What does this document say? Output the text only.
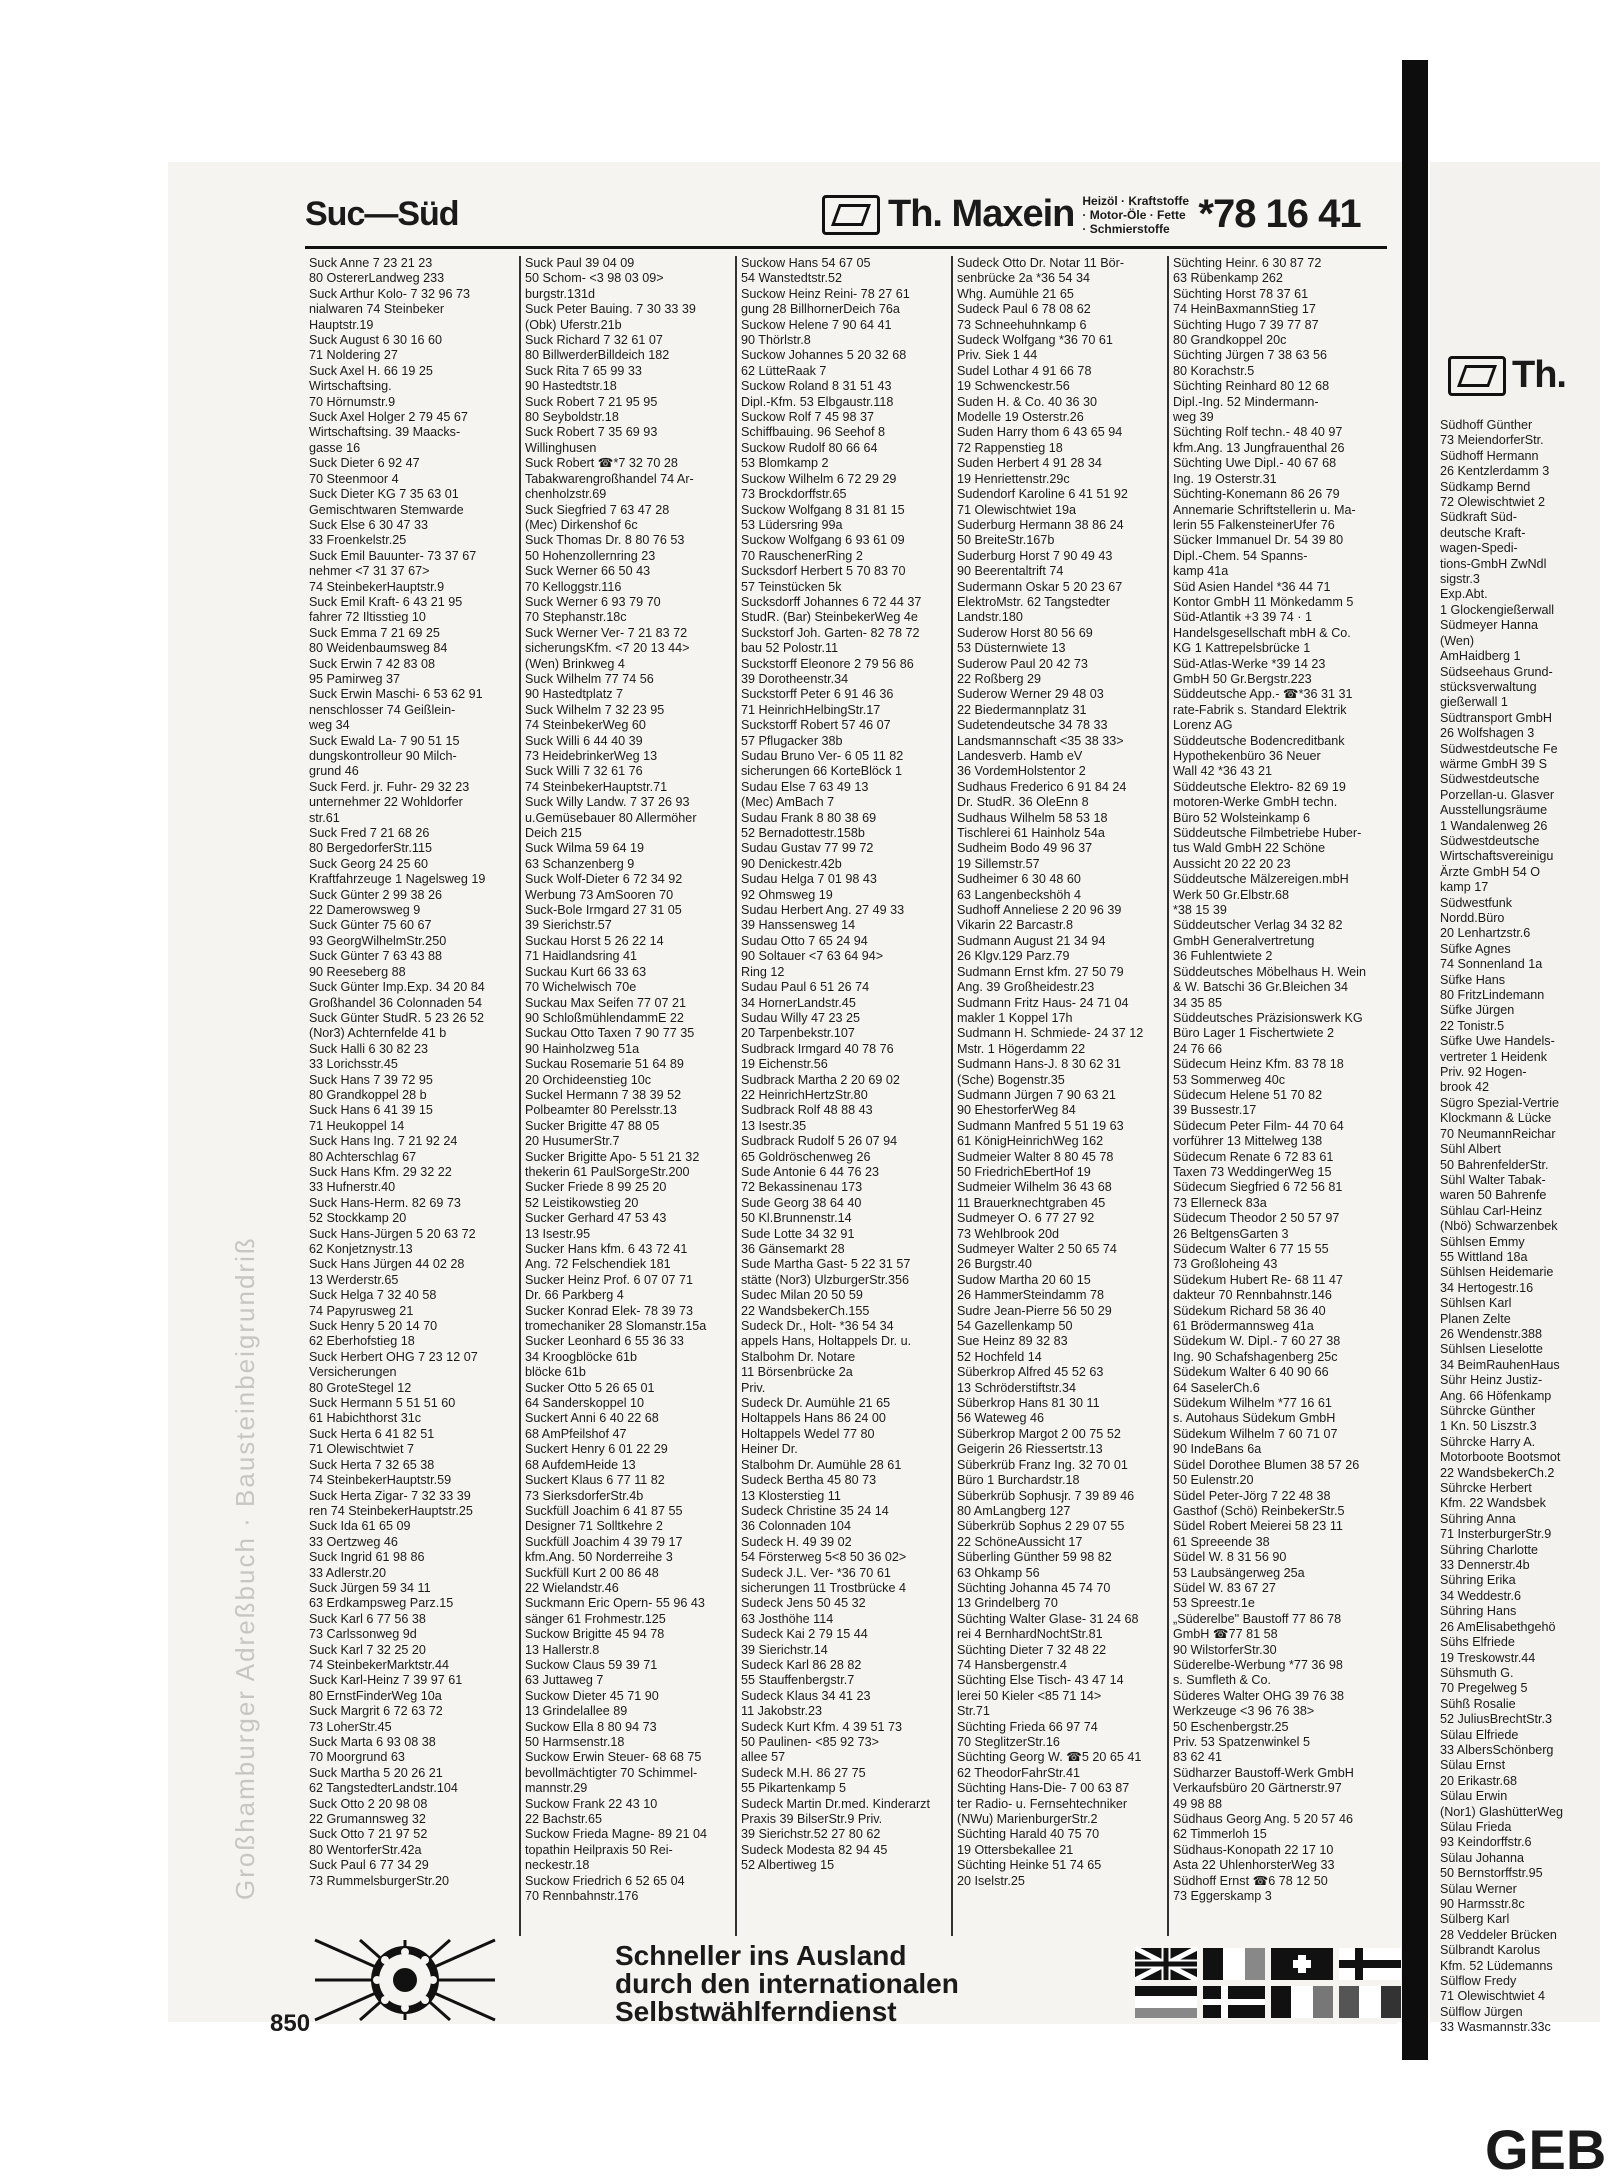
Großhamburger Adreßbuch · Bausteinbeigrundriß
Suc—Süd	Th. Maxein Heizöl · Kraftstoffe · Motor-Öle · Fette · Schmierstoffe *78 16 41
Suck Anne 7 23 21 23
80 OstererLandweg 233
Suck Arthur Kolo- 7 32 96 73
nialwaren 74 Steinbeker
Hauptstr.19
Suck August 6 30 16 60
71 Noldering 27
Suck Axel H. 66 19 25
Wirtschaftsing.
70 Hörnumstr.9
Suck Axel Holger 2 79 45 67
Wirtschaftsing. 39 Maacks-
gasse 16
Suck Dieter 6 92 47
70 Steenmoor 4
Suck Dieter KG 7 35 63 01
Gemischtwaren Stemwarde
Suck Else 6 30 47 33
33 Froenkelstr.25
Suck Emil Bauunter- 73 37 67
nehmer <7 31 37 67>
74 SteinbekerHauptstr.9
Suck Emil Kraft- 6 43 21 95
fahrer 72 Iltisstieg 10
Suck Emma 7 21 69 25
80 Weidenbaumsweg 84
Suck Erwin 7 42 83 08
95 Pamirweg 37
Suck Erwin Maschi- 6 53 62 91
nenschlosser 74 Geißlein-
weg 34
Suck Ewald La- 7 90 51 15
dungskontrolleur 90 Milch-
grund 46
Suck Ferd. jr. Fuhr- 29 32 23
unternehmer 22 Wohldorfer
str.61
Suck Fred 7 21 68 26
80 BergedorferStr.115
Suck Georg 24 25 60
Kraftfahrzeuge 1 Nagelsweg 19
Suck Günter 2 99 38 26
22 Damerowsweg 9
Suck Günter 75 60 67
93 GeorgWilhelmStr.250
Suck Günter 7 63 43 88
90 Reeseberg 88
Suck Günter Imp.Exp. 34 20 84
Großhandel 36 Colonnaden 54
Suck Günter StudR. 5 23 26 52
(Nor3) Achternfelde 41 b
Suck Halli 6 30 82 23
33 Lorichsstr.45
Suck Hans 7 39 72 95
80 Grandkoppel 28 b
Suck Hans 6 41 39 15
71 Heukoppel 14
Suck Hans Ing. 7 21 92 24
80 Achterschlag 67
Suck Hans Kfm. 29 32 22
33 Hufnerstr.40
Suck Hans-Herm. 82 69 73
52 Stockkamp 20
Suck Hans-Jürgen 5 20 63 72
62 Konjetznystr.13
Suck Hans Jürgen 44 02 28
13 Werderstr.65
Suck Helga 7 32 40 58
74 Papyrusweg 21
Suck Henry 5 20 14 70
62 Eberhofstieg 18
Suck Herbert OHG 7 23 12 07
Versicherungen
80 GroteStegel 12
Suck Hermann 5 51 51 60
61 Habichthorst 31c
Suck Herta 6 41 82 51
71 Olewischtwiet 7
Suck Herta 7 32 65 38
74 SteinbekerHauptstr.59
Suck Herta Zigar- 7 32 33 39
ren 74 SteinbekerHauptstr.25
Suck Ida 61 65 09
33 Oertzweg 46
Suck Ingrid 61 98 86
33 Adlerstr.20
Suck Jürgen 59 34 11
63 Erdkampsweg Parz.15
Suck Karl 6 77 56 38
73 Carlssonweg 9d
Suck Karl 7 32 25 20
74 SteinbekerMarktstr.44
Suck Karl-Heinz 7 39 97 61
80 ErnstFinderWeg 10a
Suck Margrit 6 72 63 72
73 LoherStr.45
Suck Marta 6 93 08 38
70 Moorgrund 63
Suck Martha 5 20 26 21
62 TangstedterLandstr.104
Suck Otto 2 20 98 08
22 Grumannsweg 32
Suck Otto 7 21 97 52
80 WentorferStr.42a
Suck Paul 6 77 34 29
73 RummelsburgerStr.20
Suck Paul 39 04 09
50 Schom- <3 98 03 09>
burgstr.131d
Suck Peter Bauing. 7 30 33 39
(Obk) Uferstr.21b
Suck Richard 7 32 61 07
80 BillwerderBilldeich 182
Suck Rita 7 65 99 33
90 Hastedtstr.18
Suck Robert 7 21 95 95
80 Seyboldstr.18
Suck Robert 7 35 69 93
Willinghusen
Suck Robert ☎*7 32 70 28
Tabakwarengroßhandel 74 Ar-
chenholzstr.69
Suck Siegfried 7 63 47 28
(Mec) Dirkenshof 6c
Suck Thomas Dr. 8 80 76 53
50 Hohenzollernring 23
Suck Werner 66 50 43
70 Kelloggstr.116
Suck Werner 6 93 79 70
70 Stephanstr.18c
Suck Werner Ver- 7 21 83 72
sicherungsKfm. <7 20 13 44>
(Wen) Brinkweg 4
Suck Wilhelm 77 74 56
90 Hastedtplatz 7
Suck Wilhelm 7 32 23 95
74 SteinbekerWeg 60
Suck Willi 6 44 40 39
73 HeidebrinkerWeg 13
Suck Willi 7 32 61 76
74 SteinbekerHauptstr.71
Suck Willy Landw. 7 37 26 93
u.Gemüsebauer 80 Allermöher
Deich 215
Suck Wilma 59 64 19
63 Schanzenberg 9
Suck Wolf-Dieter 6 72 34 92
Werbung 73 AmSooren 70
Suck-Bole Irmgard 27 31 05
39 Sierichstr.57
Suckau Horst 5 26 22 14
71 Haidlandsring 41
Suckau Kurt 66 33 63
70 Wichelwisch 70e
Suckau Max Seifen 77 07 21
90 SchloßmühlendammE 22
Suckau Otto Taxen 7 90 77 35
90 Hainholzweg 51a
Suckau Rosemarie 51 64 89
20 Orchideenstieg 10c
Suckel Hermann 7 38 39 52
Polbeamter 80 Perelsstr.13
Sucker Brigitte 47 88 05
20 HusumerStr.7
Sucker Brigitte Apo- 5 51 21 32
thekerin 61 PaulSorgeStr.200
Sucker Friede 8 99 25 20
52 Leistikowstieg 20
Sucker Gerhard 47 53 43
13 Isestr.95
Sucker Hans kfm. 6 43 72 41
Ang. 72 Felschendiek 181
Sucker Heinz Prof. 6 07 07 71
Dr. 66 Parkberg 4
Sucker Konrad Elek- 78 39 73
tromechaniker 28 Slomanstr.15a
Sucker Leonhard 6 55 36 33
34 Kroogblöcke 61b
blöcke 61b
Sucker Otto 5 26 65 01
64 Sanderskoppel 10
Suckert Anni 6 40 22 68
68 AmPfeilshof 47
Suckert Henry 6 01 22 29
68 AufdemHeide 13
Suckert Klaus 6 77 11 82
73 SierksdorferStr.4b
Suckfüll Joachim 6 41 87 55
Designer 71 Solltkehre 2
Suckfüll Joachim 4 39 79 17
kfm.Ang. 50 Norderreihe 3
Suckfüll Kurt 2 00 86 48
22 Wielandstr.46
Suckmann Eric Opern- 55 96 43
sänger 61 Frohmestr.125
Suckow Brigitte 45 94 78
13 Hallerstr.8
Suckow Claus 59 39 71
63 Juttaweg 7
Suckow Dieter 45 71 90
13 Grindelallee 89
Suckow Ella 8 80 94 73
50 Harmsenstr.18
Suckow Erwin Steuer- 68 68 75
bevollmächtigter 70 Schimmel-
mannstr.29
Suckow Frank 22 43 10
22 Bachstr.65
Suckow Frieda Magne- 89 21 04
topathin Heilpraxis 50 Rei-
neckestr.18
Suckow Friedrich 6 52 65 04
70 Rennbahnstr.176
Suckow Hans 54 67 05
54 Wanstedtstr.52
Suckow Heinz Reini- 78 27 61
gung 28 BillhornerDeich 76a
Suckow Helene 7 90 64 41
90 Thörlstr.8
Suckow Johannes 5 20 32 68
62 LütteRaak 7
Suckow Roland 8 31 51 43
Dipl.-Kfm. 53 Elbgaustr.118
Suckow Rolf 7 45 98 37
Schiffbauing. 96 Seehof 8
Suckow Rudolf 80 66 64
53 Blomkamp 2
Suckow Wilhelm 6 72 29 29
73 Brockdorffstr.65
Suckow Wolfgang 8 31 81 15
53 Lüdersring 99a
Suckow Wolfgang 6 93 61 09
70 RauschenerRing 2
Sucksdorf Herbert 5 70 83 70
57 Teinstücken 5k
Sucksdorff Johannes 6 72 44 37
StudR. (Bar) SteinbekerWeg 4e
Suckstorf Joh. Garten- 82 78 72
bau 52 Polostr.11
Suckstorff Eleonore 2 79 56 86
39 Dorotheenstr.34
Suckstorff Peter 6 91 46 36
71 HeinrichHelbingStr.17
Suckstorff Robert 57 46 07
57 Pflugacker 38b
Sudau Bruno Ver- 6 05 11 82
sicherungen 66 KorteBlöck 1
Sudau Else 7 63 49 13
(Mec) AmBach 7
Sudau Frank 8 80 38 69
52 Bernadottestr.158b
Sudau Gustav 77 99 72
90 Denickestr.42b
Sudau Helga 7 01 98 43
92 Ohmsweg 19
Sudau Herbert Ang. 27 49 33
39 Hanssensweg 14
Sudau Otto 7 65 24 94
90 Soltauer <7 63 64 94>
Ring 12
Sudau Paul 6 51 26 74
34 HornerLandstr.45
Sudau Willy 47 23 25
20 Tarpenbekstr.107
Sudbrack Irmgard 40 78 76
19 Eichenstr.56
Sudbrack Martha 2 20 69 02
22 HeinrichHertzStr.80
Sudbrack Rolf 48 88 43
13 Isestr.35
Sudbrack Rudolf 5 26 07 94
65 Goldröschenweg 26
Sude Antonie 6 44 76 23
72 Bekassinenau 173
Sude Georg 38 64 40
50 Kl.Brunnenstr.14
Sude Lotte 34 32 91
36 Gänsemarkt 28
Sude Martha Gast- 5 22 31 57
stätte (Nor3) UlzburgerStr.356
Sudec Milan 20 50 59
22 WandsbekerCh.155
Sudeck Dr., Holt- *36 54 34
appels Hans, Holtappels Dr. u.
Stalbohm Dr. Notare
11 Börsenbrücke 2a
Priv.
Sudeck Dr. Aumühle 21 65
Holtappels Hans 86 24 00
Holtappels Wedel 77 80
Heiner Dr.
Stalbohm Dr. Aumühle 28 61
Sudeck Bertha 45 80 73
13 Klosterstieg 11
Sudeck Christine 35 24 14
36 Colonnaden 104
Sudeck H. 49 39 02
54 Försterweg 5<8 50 36 02>
Sudeck J.L. Ver- *36 70 61
sicherungen 11 Trostbrücke 4
Sudeck Jens 50 45 32
63 Josthöhe 114
Sudeck Kai 2 79 15 44
39 Sierichstr.14
Sudeck Karl 86 28 82
55 Stauffenbergstr.7
Sudeck Klaus 34 41 23
11 Jakobstr.23
Sudeck Kurt Kfm. 4 39 51 73
50 Paulinen- <85 92 73>
allee 57
Sudeck M.H. 86 27 75
55 Pikartenkamp 5
Sudeck Martin Dr.med. Kinderarzt
Praxis 39 BilserStr.9 Priv.
39 Sierichstr.52 27 80 62
Sudeck Modesta 82 94 45
52 Albertiweg 15
Sudeck Otto Dr. Notar 11 Bör-
senbrücke 2a *36 54 34
Whg. Aumühle 21 65
Sudeck Paul 6 78 08 62
73 Schneehuhnkamp 6
Sudeck Wolfgang *36 70 61
Priv. Siek 1 44
Sudel Lothar 4 91 66 78
19 Schwenckestr.56
Suden H. & Co. 40 36 30
Modelle 19 Osterstr.26
Suden Harry thom 6 43 65 94
72 Rappenstieg 18
Suden Herbert 4 91 28 34
19 Henriettenstr.29c
Sudendorf Karoline 6 41 51 92
71 Olewischtwiet 19a
Suderburg Hermann 38 86 24
50 BreiteStr.167b
Suderburg Horst 7 90 49 43
90 Beerentaltrift 74
Sudermann Oskar 5 20 23 67
ElektroMstr. 62 Tangstedter
Landstr.180
Suderow Horst 80 56 69
53 Düsternwiete 13
Suderow Paul 20 42 73
22 Roßberg 29
Suderow Werner 29 48 03
22 Biedermannplatz 31
Sudetendeutsche 34 78 33
Landsmannschaft <35 38 33>
Landesverb. Hamb eV
36 VordemHolstentor 2
Sudhaus Frederico 6 91 84 24
Dr. StudR. 36 OleEnn 8
Sudhaus Wilhelm 58 53 18
Tischlerei 61 Hainholz 54a
Sudheim Bodo 49 96 37
19 Sillemstr.57
Sudheimer 6 30 48 60
63 Langenbeckshöh 4
Sudhoff Anneliese 2 20 96 39
Vikarin 22 Barcastr.8
Sudmann August 21 34 94
26 Klgv.129 Parz.79
Sudmann Ernst kfm. 27 50 79
Ang. 39 Großheidestr.23
Sudmann Fritz Haus- 24 71 04
makler 1 Koppel 17h
Sudmann H. Schmiede- 24 37 12
Mstr. 1 Högerdamm 22
Sudmann Hans-J. 8 30 62 31
(Sche) Bogenstr.35
Sudmann Jürgen 7 90 63 21
90 EhestorferWeg 84
Sudmann Manfred 5 51 19 63
61 KönigHeinrichWeg 162
Sudmeier Walter 8 80 45 78
50 FriedrichEbertHof 19
Sudmeier Wilhelm 36 43 68
11 Brauerknechtgraben 45
Sudmeyer O. 6 77 27 92
73 Wehlbrook 20d
Sudmeyer Walter 2 50 65 74
26 Burgstr.40
Sudow Martha 20 60 15
26 HammerSteindamm 78
Sudre Jean-Pierre 56 50 29
54 Gazellenkamp 50
Sue Heinz 89 32 83
52 Hochfeld 14
Süberkrop Alfred 45 52 63
13 Schröderstiftstr.34
Süberkrop Hans 81 30 11
56 Wateweg 46
Süberkrop Margot 2 00 75 52
Geigerin 26 Riessertstr.13
Süberkrüb Franz Ing. 32 70 01
Büro 1 Burchardstr.18
Süberkrüb Sophusjr. 7 39 89 46
80 AmLangberg 127
Süberkrüb Sophus 2 29 07 55
22 SchöneAussicht 17
Süberling Günther 59 98 82
63 Ohkamp 56
Süchting Johanna 45 74 70
13 Grindelberg 70
Süchting Walter Glase- 31 24 68
rei 4 BernhardNochtStr.81
Süchting Dieter 7 32 48 22
74 Hansbergenstr.4
Süchting Else Tisch- 43 47 14
lerei 50 Kieler <85 71 14>
Str.71
Süchting Frieda 66 97 74
70 SteglitzerStr.16
Süchting Georg W. ☎5 20 65 41
62 TheodorFahrStr.41
Süchting Hans-Die- 7 00 63 87
ter Radio- u. Fernsehtechniker
(NWu) MarienburgerStr.2
Süchting Harald 40 75 70
19 Ottersbekallee 21
Süchting Heinke 51 74 65
20 Iselstr.25
Süchting Heinr. 6 30 87 72
63 Rübenkamp 262
Süchting Horst 78 37 61
74 HeinBaxmannStieg 17
Süchting Hugo 7 39 77 87
80 Grandkoppel 20c
Süchting Jürgen 7 38 63 56
80 Korachstr.5
Süchting Reinhard 80 12 68
Dipl.-Ing. 52 Mindermann-
weg 39
Süchting Rolf techn.- 48 40 97
kfm.Ang. 13 Jungfrauenthal 26
Süchting Uwe Dipl.- 40 67 68
Ing. 19 Osterstr.31
Süchting-Konemann 86 26 79
Annemarie Schriftstellerin u. Ma-
lerin 55 FalkensteinerUfer 76
Sücker Immanuel Dr. 54 39 80
Dipl.-Chem. 54 Spanns-
kamp 41a
Süd Asien Handel *36 44 71
Kontor GmbH 11 Mönkedamm 5
Süd-Atlantik +3 39 74 · 1
Handelsgesellschaft mbH & Co.
KG 1 Kattrepelsbrücke 1
Süd-Atlas-Werke *39 14 23
GmbH 50 Gr.Bergstr.223
Süddeutsche App.- ☎*36 31 31
rate-Fabrik s. Standard Elektrik
Lorenz AG
Süddeutsche Bodencreditbank
Hypothekenbüro 36 Neuer
Wall 42 *36 43 21
Süddeutsche Elektro- 82 69 19
motoren-Werke GmbH techn.
Büro 52 Wolsteinkamp 6
Süddeutsche Filmbetriebe Huber-
tus Wald GmbH 22 Schöne
Aussicht 20 22 20 23
Süddeutsche Mälzereigen.mbH
Werk 50 Gr.Elbstr.68
*38 15 39
Süddeutscher Verlag 34 32 82
GmbH Generalvertretung
36 Fuhlentwiete 2
Süddeutsches Möbelhaus H. Wein
& W. Batschi 36 Gr.Bleichen 34
34 35 85
Süddeutsches Präzisionswerk KG
Büro Lager 1 Fischertwiete 2
24 76 66
Südecum Heinz Kfm. 83 78 18
53 Sommerweg 40c
Südecum Helene 51 70 82
39 Bussestr.17
Südecum Peter Film- 44 70 64
vorführer 13 Mittelweg 138
Südecum Renate 6 72 83 61
Taxen 73 WeddingerWeg 15
Südecum Siegfried 6 72 56 81
73 Ellerneck 83a
Südecum Theodor 2 50 57 97
26 BeltgensGarten 3
Südecum Walter 6 77 15 55
73 Großloheing 43
Südekum Hubert Re- 68 11 47
dakteur 70 Rennbahnstr.146
Südekum Richard 58 36 40
61 Brödermannsweg 41a
Südekum W. Dipl.- 7 60 27 38
Ing. 90 Schafshagenberg 25c
Südekum Walter 6 40 90 66
64 SaselerCh.6
Südekum Wilhelm *77 16 61
s. Autohaus Südekum GmbH
Südekum Wilhelm 7 60 71 07
90 IndeBans 6a
Südel Dorothee Blumen 38 57 26
50 Eulenstr.20
Südel Peter-Jörg 7 22 48 38
Gasthof (Schö) ReinbekerStr.5
Südel Robert Meierei 58 23 11
61 Spreeende 38
Südel W. 8 31 56 90
53 Laubsängerweg 25a
Südel W. 83 67 27
53 Spreestr.1e
„Süderelbe" Baustoff 77 86 78
GmbH ☎77 81 58
90 WilstorferStr.30
Süderelbe-Werbung *77 36 98
s. Sumfleth & Co.
Süderes Walter OHG 39 76 38
Werkzeuge <3 96 76 38>
50 Eschenbergstr.25
Priv. 53 Spatzenwinkel 5
83 62 41
Südharzer Baustoff-Werk GmbH
Verkaufsbüro 20 Gärtnerstr.97
49 98 88
Südhaus Georg Ang. 5 20 57 46
62 Timmerloh 15
Südhaus-Konopath 22 17 10
Asta 22 UhlenhorsterWeg 33
Südhoff Ernst ☎6 78 12 50
73 Eggerskamp 3
Schneller ins Ausland
durch den internationalen
Selbstwählferndienst
850
Th.
Südhoff Günther
73 MeiendorferStr.
Südhoff Hermann
26 Kentzlerdamm 3
Südkamp Bernd
72 Olewischtwiet 2
Südkraft Süd-
deutsche Kraft-
wagen-Spedi-
tions-GmbH ZwNdl
sigstr.3
Exp.Abt.
1 Glockengießerwall
Südmeyer Hanna
(Wen)
AmHaidberg 1
Südseehaus Grund-
stücksverwaltung
gießerwall 1
Südtransport GmbH
26 Wolfshagen 3
Südwestdeutsche Fe
wärme GmbH 39 S
Südwestdeutsche
Porzellan-u. Glasver
Ausstellungsräume
1 Wandalenweg 26
Südwestdeutsche
Wirtschaftsvereinigu
Ärzte GmbH 54 O
kamp 17
Südwestfunk
Nordd.Büro
20 Lenhartzstr.6
Süfke Agnes
74 Sonnenland 1a
Süfke Hans
80 FritzLindemann
Süfke Jürgen
22 Tonistr.5
Süfke Uwe Handels-
vertreter 1 Heidenk
Priv. 92 Hogen-
brook 42
Sügro Spezial-Vertrie
Klockmann & Lücke
70 NeumannReichar
Sühl Albert
50 BahrenfelderStr.
Sühl Walter Tabak-
waren 50 Bahrenfe
Sühlau Carl-Heinz
(Nbö) Schwarzenbek
Sühlsen Emmy
55 Wittland 18a
Sühlsen Heidemarie
34 Hertogestr.16
Sühlsen Karl
Planen Zelte
26 Wendenstr.388
Sühlsen Lieselotte
34 BeimRauhenHaus
Sühr Heinz Justiz-
Ang. 66 Höfenkamp
Sührcke Günther
1 Kn. 50 Liszstr.3
Sührcke Harry A.
Motorboote Bootsmot
22 WandsbekerCh.2
Sührcke Herbert
Kfm. 22 Wandsbek
Sühring Anna
71 InsterburgerStr.9
Sühring Charlotte
33 Dennerstr.4b
Sühring Erika
34 Weddestr.6
Sühring Hans
26 AmElisabethgehö
Sühs Elfriede
19 Treskowstr.44
Sühsmuth G.
70 Pregelweg 5
Sühß Rosalie
52 JuliusBrechtStr.3
Sülau Elfriede
33 AlbersSchönberg
Sülau Ernst
20 Erikastr.68
Sülau Erwin
(Nor1) GlashütterWeg
Sülau Frieda
93 Keindorffstr.6
Sülau Johanna
50 Bernstorffstr.95
Sülau Werner
90 Harmsstr.8c
Sülberg Karl
28 Veddeler Brücken
Sülbrandt Karolus
Kfm. 52 Lüdemanns
Sülflow Fredy
71 Olewischtwiet 4
Sülflow Jürgen
33 Wasmannstr.33c
GEB
